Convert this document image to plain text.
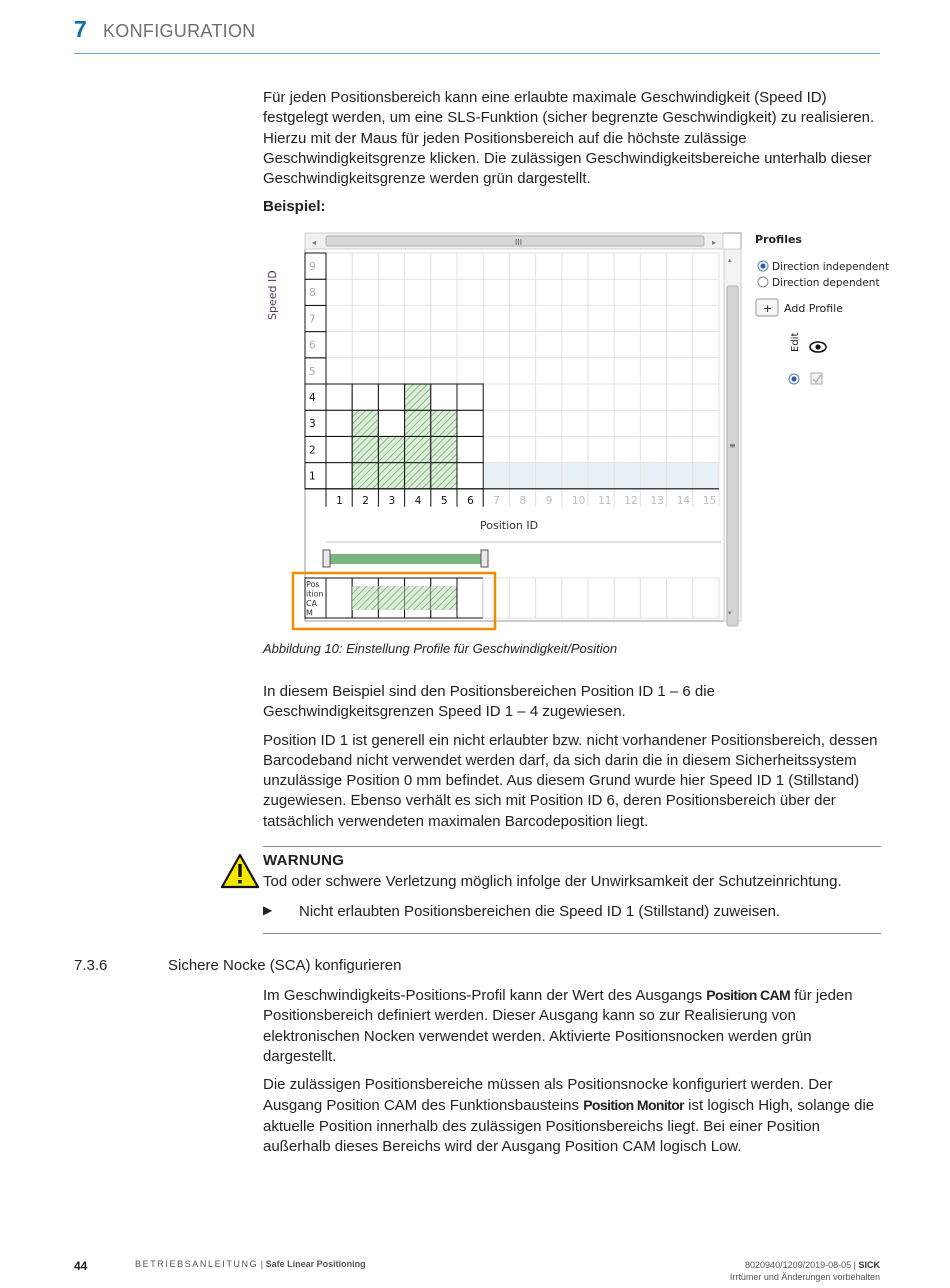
7 KONFIGURATION

Für jeden Positionsbereich kann eine erlaubte maximale Geschwindigkeit (Speed ID) festgelegt werden, um eine SLS-Funktion (sicher begrenzte Geschwindigkeit) zu realisieren. Hierzu mit der Maus für jeden Positionsbereich auf die höchste zulässige Geschwindigkeitsgrenze klicken. Die zulässigen Geschwindigkeitsbereiche unterhalb dieser Geschwindigkeitsgrenze werden grün dargestellt.

Beispiel:

◂	▸
III
▴
▾
≡
1
2
3
4
5
6
7
8
9
1 2 3 4 5 6 7 8 9 10 11 12 13 14 15
Pos
ition
CA
M
Speed ID
Position ID
Profiles
Direction independent
Direction dependent
+ Add Profile
Edit
Abbildung 10: Einstellung Profile für Geschwindigkeit/Position

In diesem Beispiel sind den Positionsbereichen Position ID 1 – 6 die Geschwindigkeitsgrenzen Speed ID 1 – 4 zugewiesen.

Position ID 1 ist generell ein nicht erlaubter bzw. nicht vorhandener Positionsbereich, dessen Barcodeband nicht verwendet werden darf, da sich darin die in diesem Sicherheitssystem unzulässige Position 0 mm befindet. Aus diesem Grund wurde hier Speed ID 1 (Stillstand) zugewiesen. Ebenso verhält es sich mit Position ID 6, deren Positionsbereich über der tatsächlich verwendeten maximalen Barcodeposition liegt.

WARNUNG
Tod oder schwere Verletzung möglich infolge der Unwirksamkeit der Schutzeinrichtung.
▶ Nicht erlaubten Positionsbereichen die Speed ID 1 (Stillstand) zuweisen.
7.3.6	Sichere Nocke (SCA) konfigurieren

Im Geschwindigkeits-Positions-Profil kann der Wert des Ausgangs Position CAM für jeden Positionsbereich definiert werden. Dieser Ausgang kann so zur Realisierung von elektronischen Nocken verwendet werden. Aktivierte Positionsnocken werden grün dargestellt.

Die zulässigen Positionsbereiche müssen als Positionsnocke konfiguriert werden. Der Ausgang Position CAM des Funktionsbausteins Position Monitor ist logisch High, solange die aktuelle Position innerhalb des zulässigen Positionsbereichs liegt. Bei einer Position außerhalb dieses Bereichs wird der Ausgang Position CAM logisch Low.

44	BETRIEBSANLEITUNG | Safe Linear Positioning	8020940/1209/2019-08-05 | SICK
Irrtümer und Änderungen vorbehalten
